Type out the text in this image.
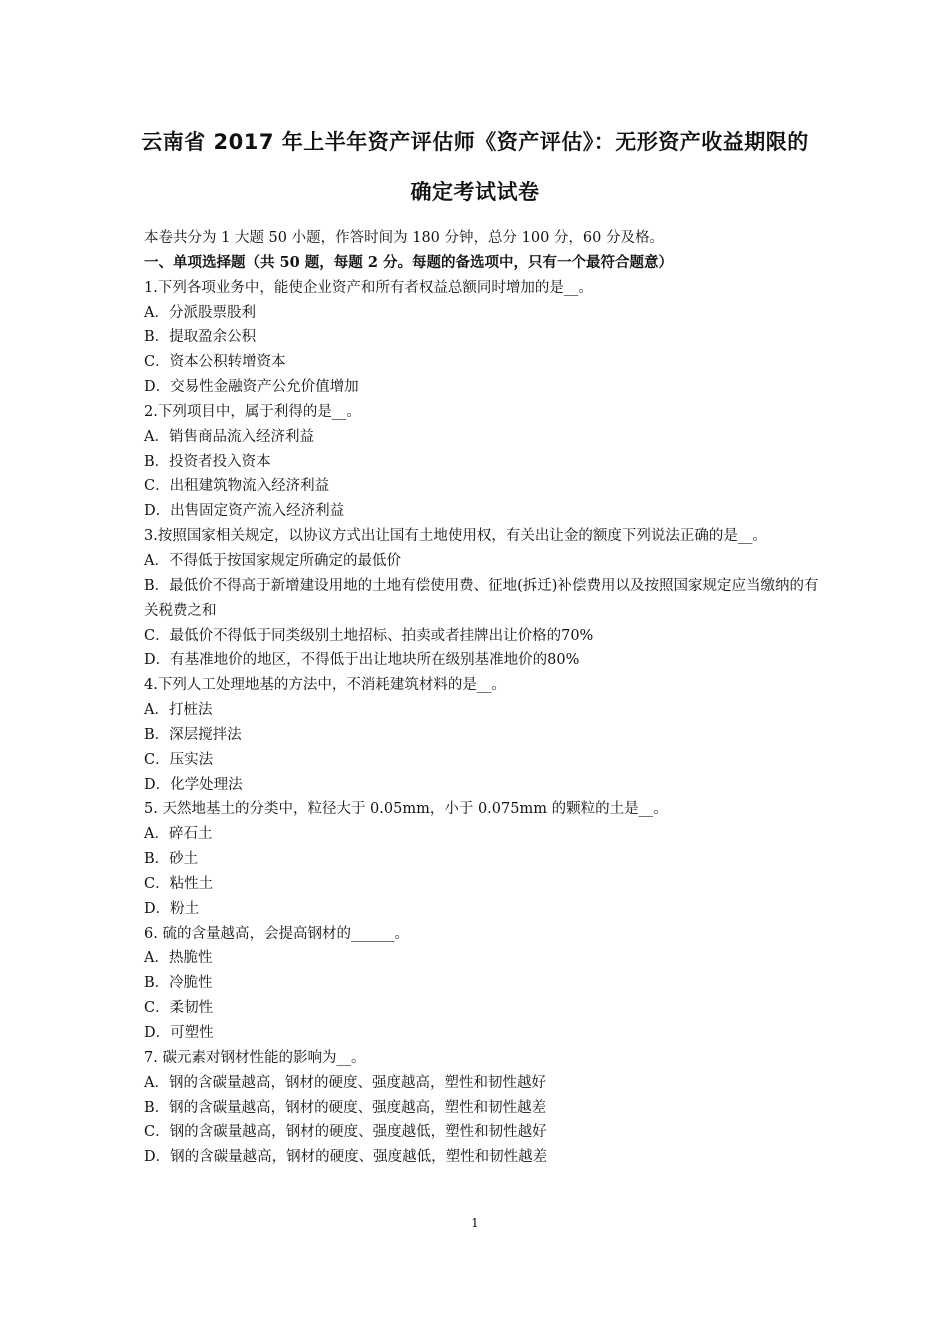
云南省 2017 年上半年资产评估师《资产评估》：无形资产收益期限的
确定考试试卷
本卷共分为 1 大题 50 小题，作答时间为 180 分钟，总分 100 分，60 分及格。
一、单项选择题（共 50 题，每题 2 分。每题的备选项中，只有一个最符合题意）
1.下列各项业务中，能使企业资产和所有者权益总额同时增加的是__。
A．分派股票股利
B．提取盈余公积
C．资本公积转增资本
D．交易性金融资产公允价值增加
2.下列项目中，属于利得的是__。
A．销售商品流入经济利益
B．投资者投入资本
C．出租建筑物流入经济利益
D．出售固定资产流入经济利益
3.按照国家相关规定，以协议方式出让国有土地使用权，有关出让金的额度下列说法正确的是__。
A．不得低于按国家规定所确定的最低价
B．最低价不得高于新增建设用地的土地有偿使用费、征地(拆迁)补偿费用以及按照国家规定应当缴纳的有关税费之和
C．最低价不得低于同类级别土地招标、拍卖或者挂牌出让价格的70%
D．有基准地价的地区，不得低于出让地块所在级别基准地价的80%
4.下列人工处理地基的方法中，不消耗建筑材料的是__。
A．打桩法
B．深层搅拌法
C．压实法
D．化学处理法
5. 天然地基土的分类中，粒径大于 0.05mm，小于 0.075mm 的颗粒的土是__。
A．碎石土
B．砂土
C．粘性土
D．粉土
6. 硫的含量越高，会提高钢材的______。
A．热脆性
B．冷脆性
C．柔韧性
D．可塑性
7. 碳元素对钢材性能的影响为__。
A．钢的含碳量越高，钢材的硬度、强度越高，塑性和韧性越好
B．钢的含碳量越高，钢材的硬度、强度越高，塑性和韧性越差
C．钢的含碳量越高，钢材的硬度、强度越低，塑性和韧性越好
D．钢的含碳量越高，钢材的硬度、强度越低，塑性和韧性越差
1
